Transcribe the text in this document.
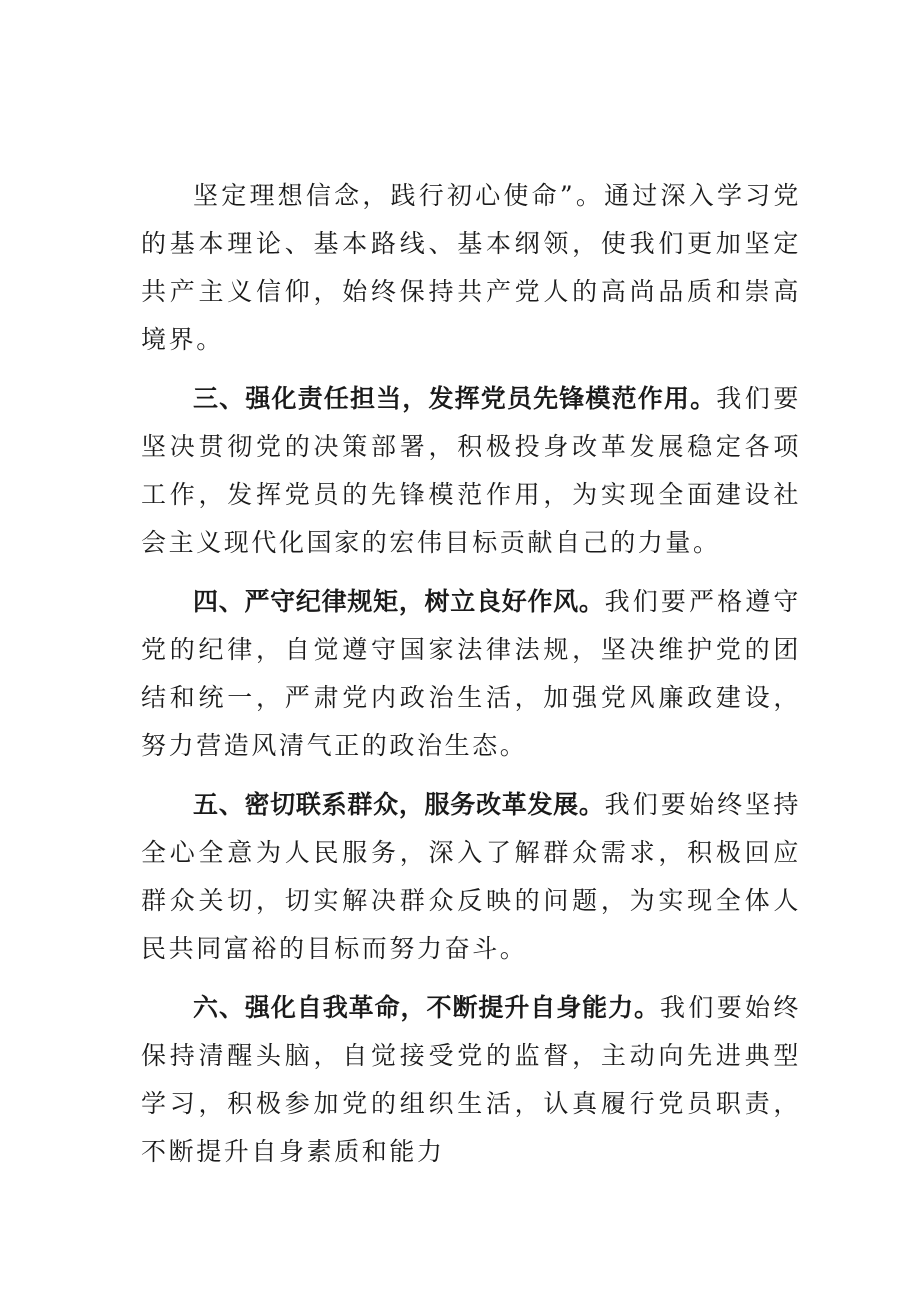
坚定理想信念，践行初心使命”。通过深入学习党的基本理论、基本路线、基本纲领，使我们更加坚定共产主义信仰，始终保持共产党人的高尚品质和崇高境界。

三、强化责任担当，发挥党员先锋模范作用。我们要坚决贯彻党的决策部署，积极投身改革发展稳定各项工作，发挥党员的先锋模范作用，为实现全面建设社会主义现代化国家的宏伟目标贡献自己的力量。

四、严守纪律规矩，树立良好作风。我们要严格遵守党的纪律，自觉遵守国家法律法规，坚决维护党的团结和统一，严肃党内政治生活，加强党风廉政建设，努力营造风清气正的政治生态。

五、密切联系群众，服务改革发展。我们要始终坚持全心全意为人民服务，深入了解群众需求，积极回应群众关切，切实解决群众反映的问题，为实现全体人民共同富裕的目标而努力奋斗。

六、强化自我革命，不断提升自身能力。我们要始终保持清醒头脑，自觉接受党的监督，主动向先进典型学习，积极参加党的组织生活，认真履行党员职责，不断提升自身素质和能力
